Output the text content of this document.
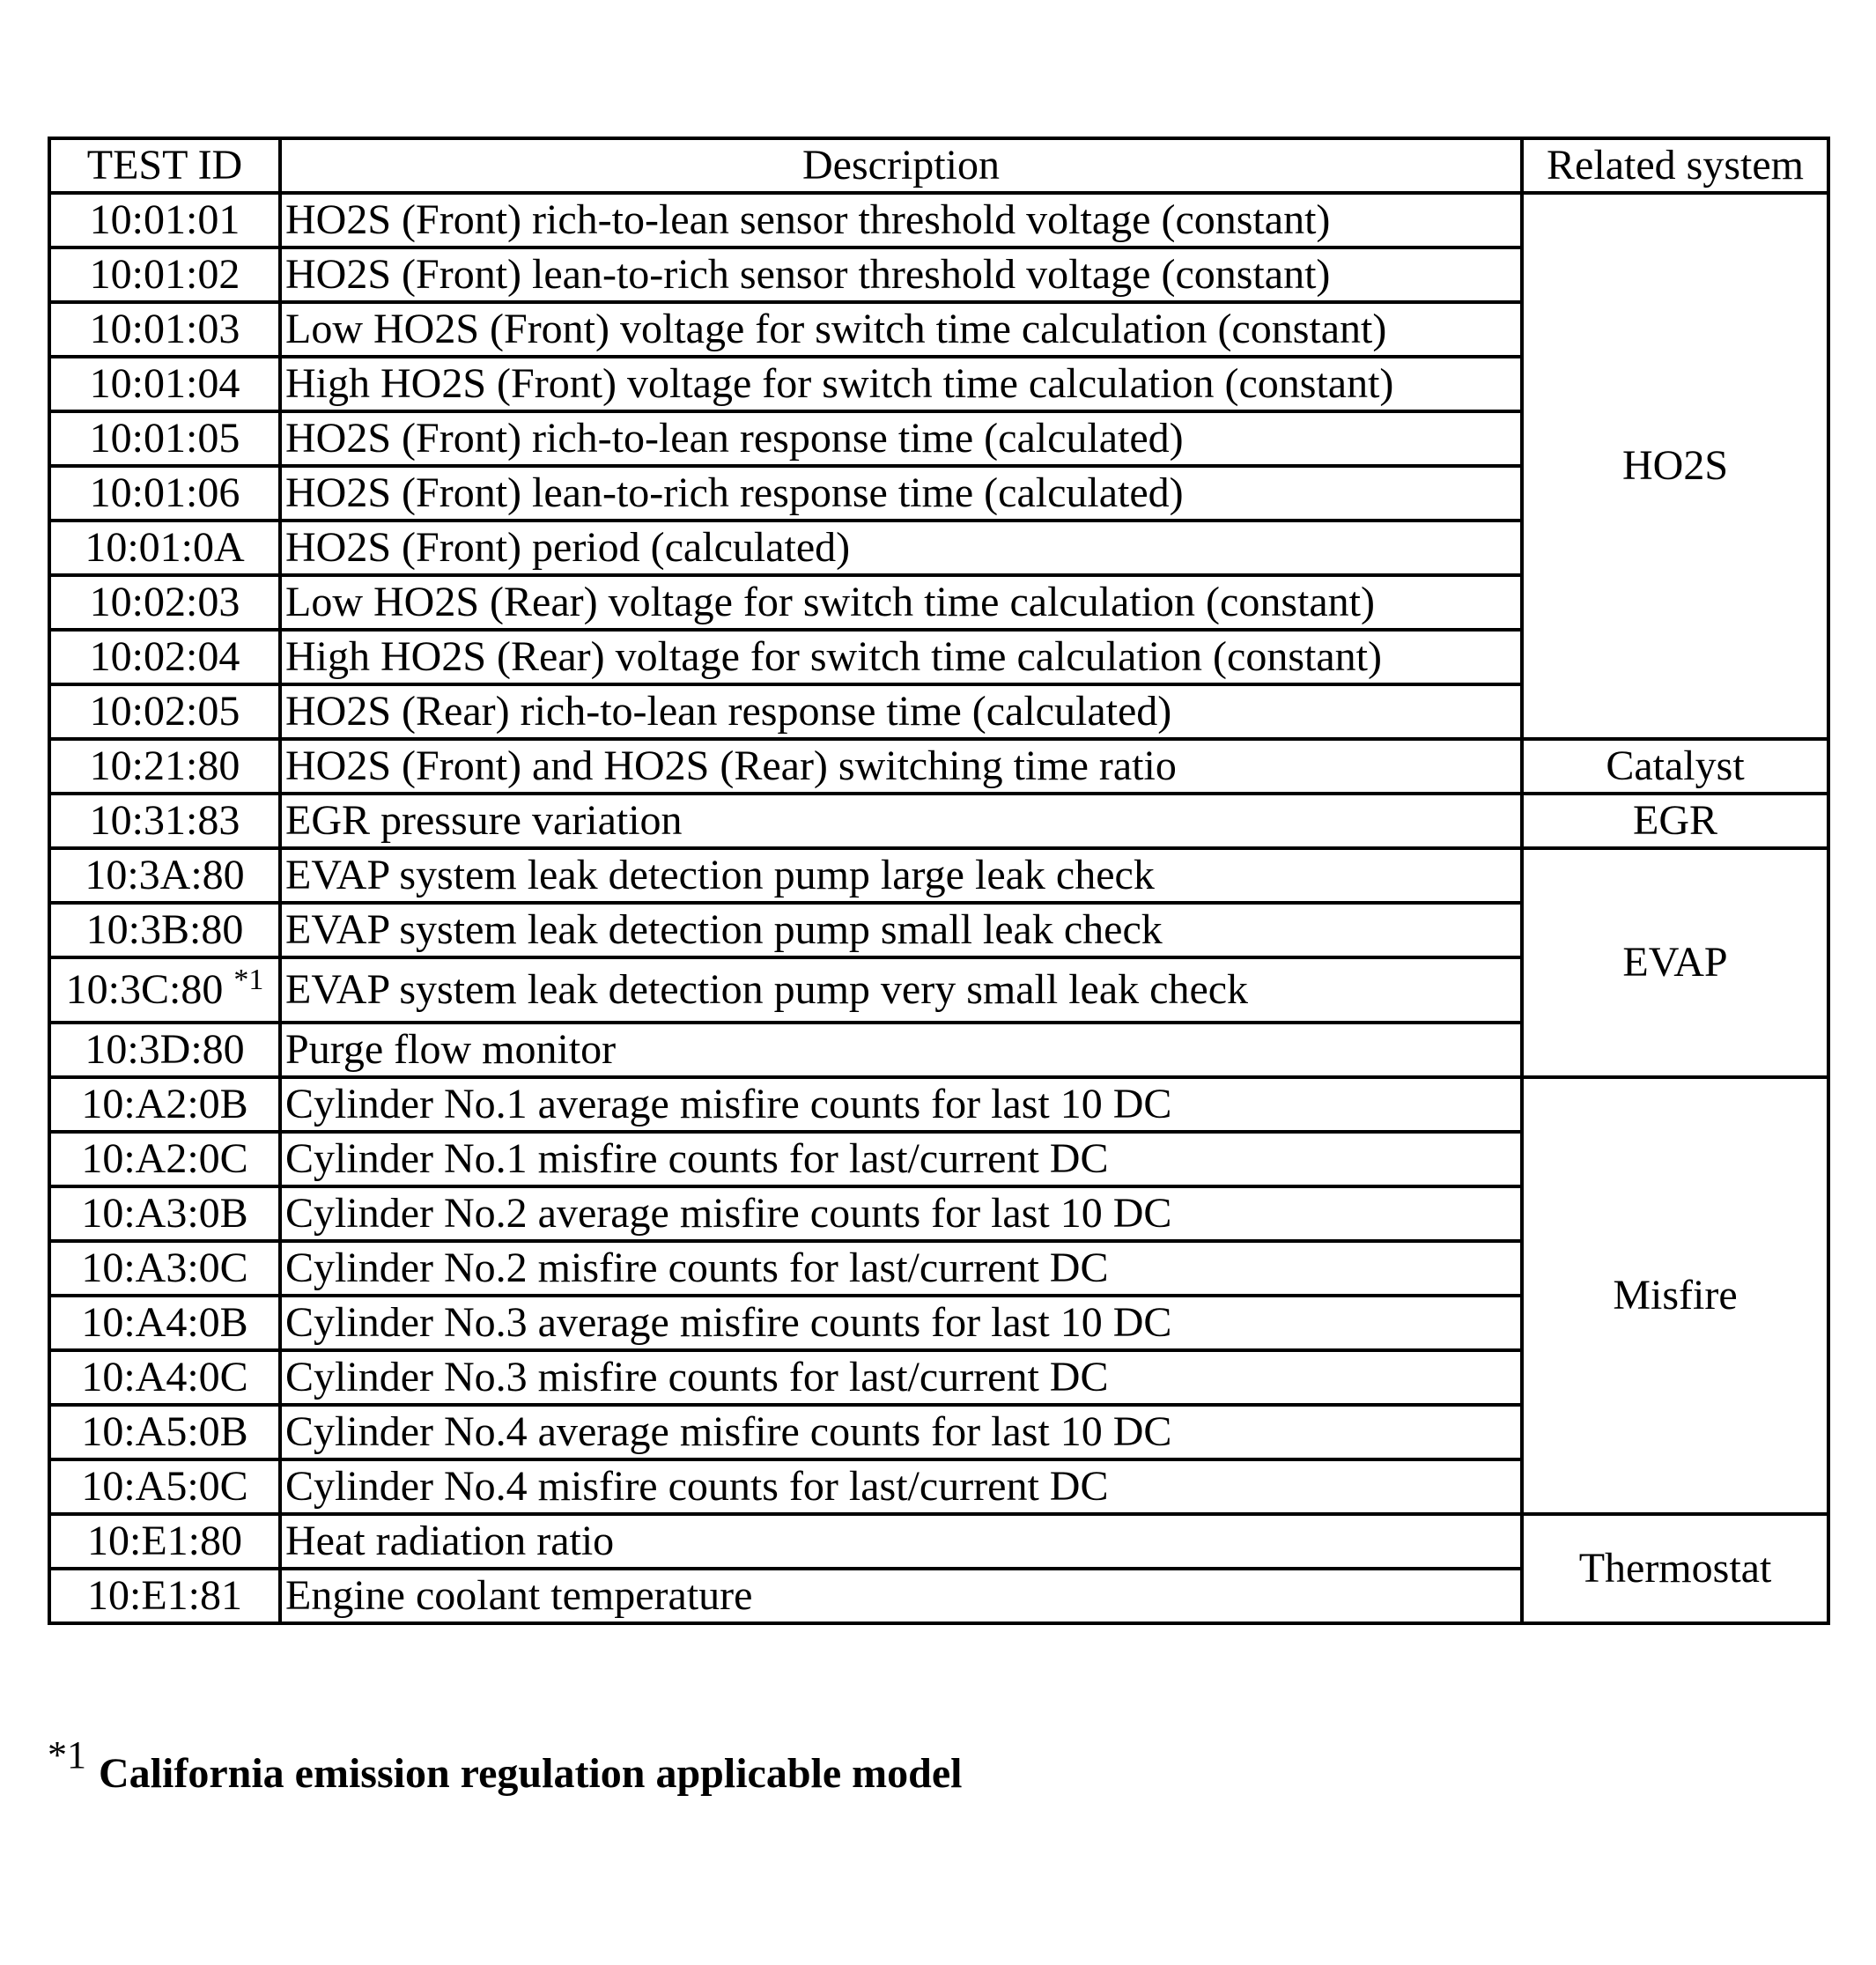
TEST ID	Description	Related system
10:01:01	HO2S (Front) rich-to-lean sensor threshold voltage (constant)	HO2S
10:01:02	HO2S (Front) lean-to-rich sensor threshold voltage (constant)	
10:01:03	Low HO2S (Front) voltage for switch time calculation (constant)	
10:01:04	High HO2S (Front) voltage for switch time calculation (constant)	
10:01:05	HO2S (Front) rich-to-lean response time (calculated)	
10:01:06	HO2S (Front) lean-to-rich response time (calculated)	
10:01:0A	HO2S (Front) period (calculated)	
10:02:03	Low HO2S (Rear) voltage for switch time calculation (constant)	
10:02:04	High HO2S (Rear) voltage for switch time calculation (constant)	
10:02:05	HO2S (Rear) rich-to-lean response time (calculated)	
10:21:80	HO2S (Front) and HO2S (Rear) switching time ratio	Catalyst
10:31:83	EGR pressure variation	EGR
10:3A:80	EVAP system leak detection pump large leak check	EVAP
10:3B:80	EVAP system leak detection pump small leak check	
10:3C:80 $^{*1}$	EVAP system leak detection pump very small leak check	
10:3D:80	Purge flow monitor	
10:A2:0B	Cylinder No.1 average misfire counts for last 10 DC	Misfire
10:A2:0C	Cylinder No.1 misfire counts for last/current DC	
10:A3:0B	Cylinder No.2 average misfire counts for last 10 DC	
10:A3:0C	Cylinder No.2 misfire counts for last/current DC	
10:A4:0B	Cylinder No.3 average misfire counts for last 10 DC	
10:A4:0C	Cylinder No.3 misfire counts for last/current DC	
10:A5:0B	Cylinder No.4 average misfire counts for last 10 DC	
10:A5:0C	Cylinder No.4 misfire counts for last/current DC	
10:E1:80	Heat radiation ratio	Thermostat
10:E1:81	Engine coolant temperature	
*1 California emission regulation applicable model
